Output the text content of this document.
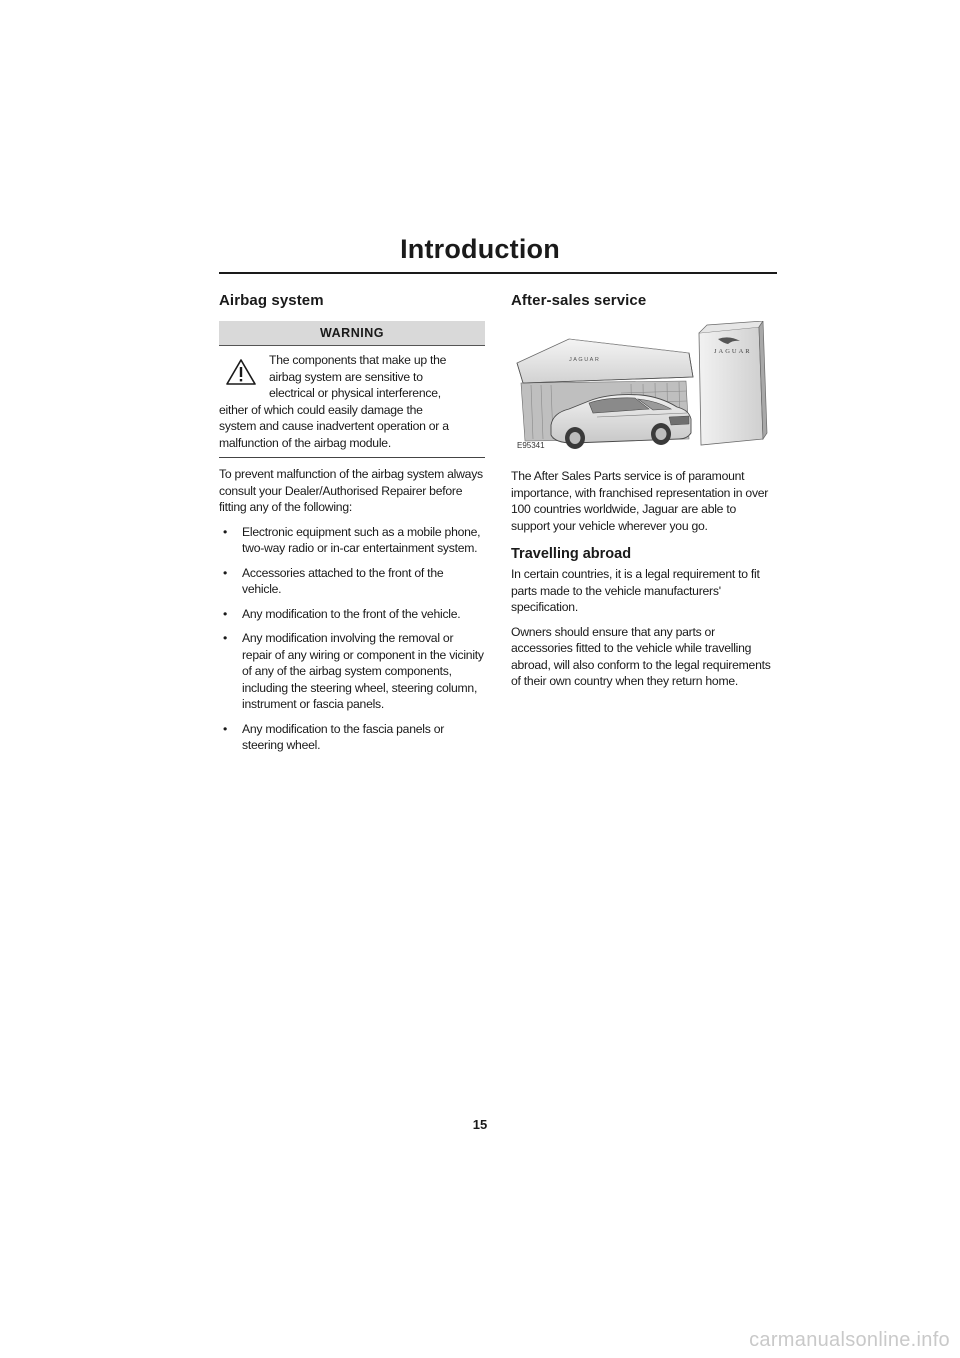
Introduction
Airbag system
WARNING
The components that make up the
airbag system are sensitive to
electrical or physical interference,
either of which could easily damage the
system and cause inadvertent operation or a
malfunction of the airbag module.

To prevent malfunction of the airbag system always consult your Dealer/Authorised Repairer before fitting any of the following:

• Electronic equipment such as a mobile phone, two-way radio or in-car entertainment system.
• Accessories attached to the front of the vehicle.
• Any modification to the front of the vehicle.
• Any modification involving the removal or repair of any wiring or component in the vicinity of any of the airbag system components, including the steering wheel, steering column, instrument or fascia panels.
• Any modification to the fascia panels or steering wheel.
After-sales service
JAGUAR
JAGUAR
E95341

The After Sales Parts service is of paramount importance, with franchised representation in over 100 countries worldwide, Jaguar are able to support your vehicle wherever you go.

Travelling abroad

In certain countries, it is a legal requirement to fit parts made to the vehicle manufacturers' specification.

Owners should ensure that any parts or accessories fitted to the vehicle while travelling abroad, will also conform to the legal requirements of their own country when they return home.

15
carmanualsonline.info
